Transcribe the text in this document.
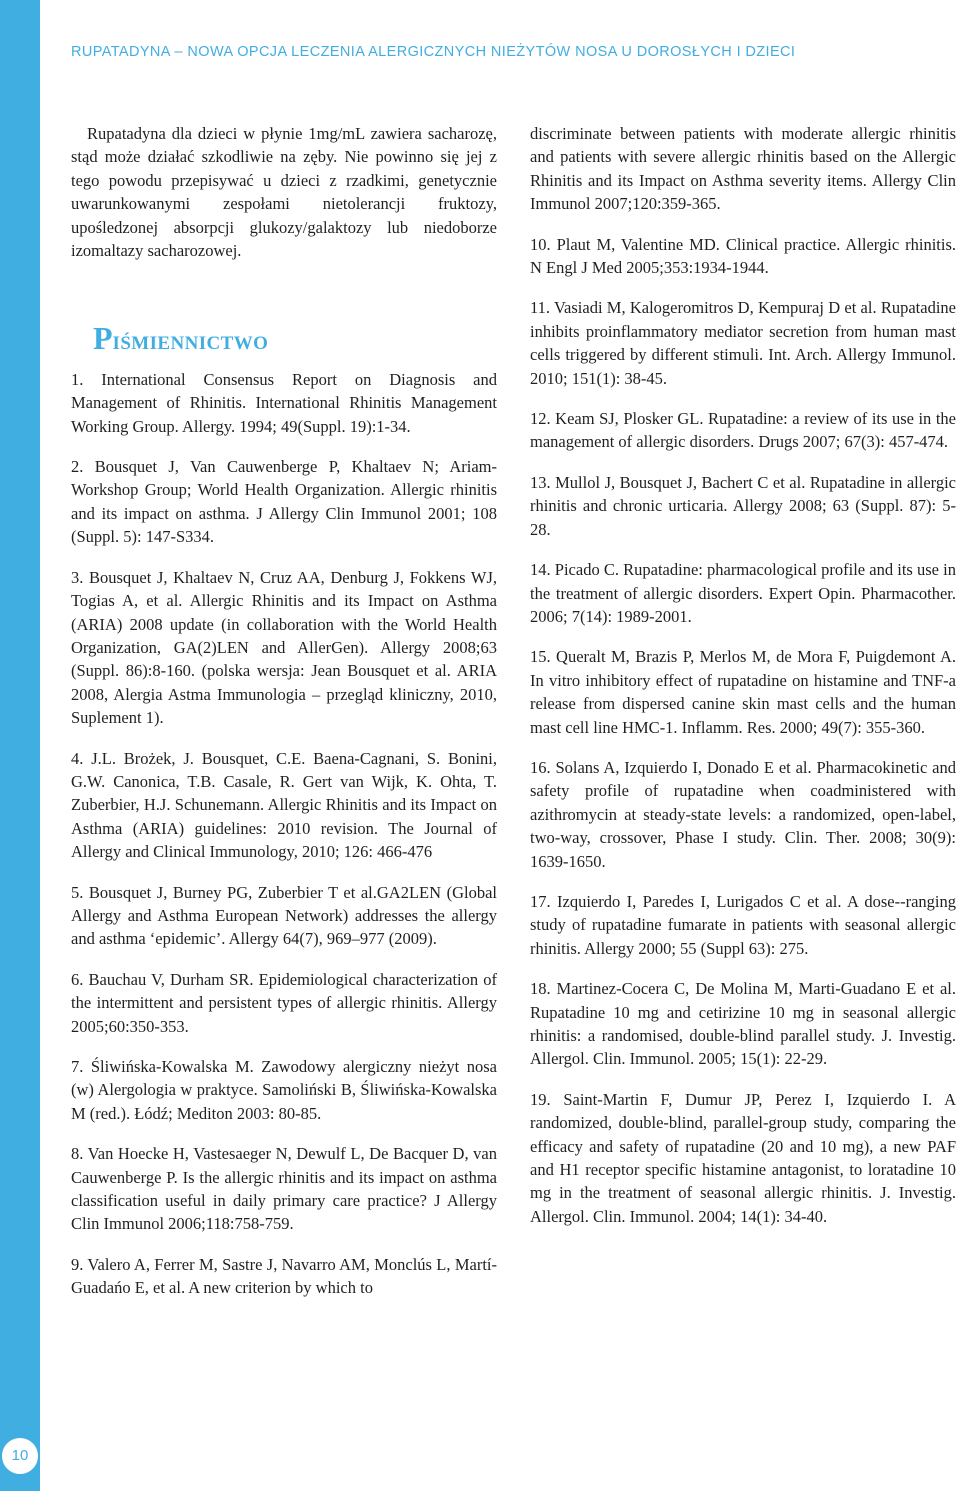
10
RUPATADYNA – NOWA OPCJA LECZENIA ALERGICZNYCH NIEŻYTÓW NOSA U DOROSŁYCH I DZIECI

Rupatadyna dla dzieci w płynie 1mg/mL zawiera sacharozę, stąd może działać szkodliwie na zęby. Nie powinno się jej z tego powodu przepisywać u dzieci z rzadkimi, genetycznie uwarunkowanymi zespołami nietolerancji fruktozy, upośledzonej absorpcji glukozy/galaktozy lub niedoborze izomaltazy sacharozowej.

PIŚMIENNICTWO

1. International Consensus Report on Diagnosis and Management of Rhinitis. International Rhinitis Management Working Group. Allergy. 1994; 49(Suppl. 19):1-34.

2. Bousquet J, Van Cauwenberge P, Khaltaev N; Ariam-Workshop Group; World Health Organization. Allergic rhinitis and its impact on asthma. J Allergy Clin Immunol 2001; 108 (Suppl. 5): 147-S334.

3. Bousquet J, Khaltaev N, Cruz AA, Denburg J, Fokkens WJ, Togias A, et al. Allergic Rhinitis and its Impact on Asthma (ARIA) 2008 update (in collaboration with the World Health Organization, GA(2)LEN and AllerGen). Allergy 2008;63 (Suppl. 86):8-160. (polska wersja: Jean Bousquet et al. ARIA 2008, Alergia Astma Immunologia – przegląd kliniczny, 2010, Suplement 1).

4. J.L. Brożek, J. Bousquet, C.E. Baena-Cagnani, S. Bonini, G.W. Canonica, T.B. Casale, R. Gert van Wijk, K. Ohta, T. Zuberbier, H.J. Schunemann. Allergic Rhinitis and its Impact on Asthma (ARIA) guidelines: 2010 revision. The Journal of Allergy and Clinical Immunology, 2010; 126: 466-476

5. Bousquet J, Burney PG, Zuberbier T et al.GA2LEN (Global Allergy and Asthma European Network) addresses the allergy and asthma ‘epidemic’. Allergy 64(7), 969–977 (2009).

6. Bauchau V, Durham SR. Epidemiological characterization of the intermittent and persistent types of allergic rhinitis. Allergy 2005;60:350-353.

7. Śliwińska-Kowalska M. Zawodowy alergiczny nieżyt nosa (w) Alergologia w praktyce. Samoliński B, Śliwińska-Kowalska M (red.). Łódź; Mediton 2003: 80-85.

8. Van Hoecke H, Vastesaeger N, Dewulf L, De Bacquer D, van Cauwenberge P. Is the allergic rhinitis and its impact on asthma classification useful in daily primary care practice? J Allergy Clin Immunol 2006;118:758-759.

9. Valero A, Ferrer M, Sastre J, Navarro AM, Monclús L, Martí-Guadańo E, et al. A new criterion by which to

discriminate between patients with moderate allergic rhinitis and patients with severe allergic rhinitis based on the Allergic Rhinitis and its Impact on Asthma severity items. Allergy Clin Immunol 2007;120:359-365.

10. Plaut M, Valentine MD. Clinical practice. Allergic rhinitis. N Engl J Med 2005;353:1934-1944.

11. Vasiadi M, Kalogeromitros D, Kempuraj D et al. Rupatadine inhibits proinflammatory mediator secretion from human mast cells triggered by different stimuli. Int. Arch. Allergy Immunol. 2010; 151(1): 38-45.

12. Keam SJ, Plosker GL. Rupatadine: a review of its use in the management of allergic disorders. Drugs 2007; 67(3): 457-474.

13. Mullol J, Bousquet J, Bachert C et al. Rupatadine in allergic rhinitis and chronic urticaria. Allergy 2008; 63 (Suppl. 87): 5-28.

14. Picado C. Rupatadine: pharmacological profile and its use in the treatment of allergic disorders. Expert Opin. Pharmacother. 2006; 7(14): 1989-2001.

15. Queralt M, Brazis P, Merlos M, de Mora F, Puigdemont A. In vitro inhibitory effect of rupatadine on histamine and TNF-a release from dispersed canine skin mast cells and the human mast cell line HMC-1. Inflamm. Res. 2000; 49(7): 355-360.

16. Solans A, Izquierdo I, Donado E et al. Pharmacokinetic and safety profile of rupatadine when coadministered with azithromycin at steady-state levels: a randomized, open-label, two-way, crossover, Phase I study. Clin. Ther. 2008; 30(9): 1639-1650.

17. Izquierdo I, Paredes I, Lurigados C et al. A dose--ranging study of rupatadine fumarate in patients with seasonal allergic rhinitis. Allergy 2000; 55 (Suppl 63): 275.

18. Martinez-Cocera C, De Molina M, Marti-Guadano E et al. Rupatadine 10 mg and cetirizine 10 mg in seasonal allergic rhinitis: a randomised, double-blind parallel study. J. Investig. Allergol. Clin. Immunol. 2005; 15(1): 22-29.

19. Saint-Martin F, Dumur JP, Perez I, Izquierdo I. A randomized, double-blind, parallel-group study, comparing the efficacy and safety of rupatadine (20 and 10 mg), a new PAF and H1 receptor specific histamine antagonist, to loratadine 10 mg in the treatment of seasonal allergic rhinitis. J. Investig. Allergol. Clin. Immunol. 2004; 14(1): 34-40.
